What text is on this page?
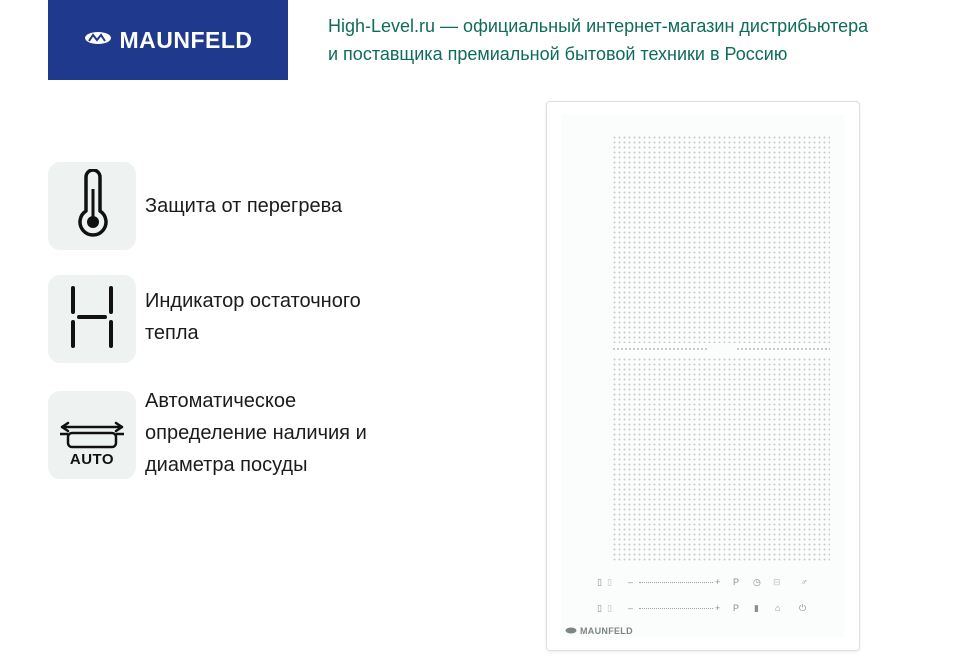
MAUNFELD
High-Level.ru — официальный интернет-магазин дистрибьютера
и поставщика премиальной бытовой техники в Россию
Защита от перегрева
Индикатор остаточного
тепла
AUTO
Автоматическое
определение наличия и
диаметра посуды
▯ ▯ –	+ P ◷ ⊟ ♂
▯ ▯ –	+ P ▮ ⌂ ⏻
MAUNFELD
